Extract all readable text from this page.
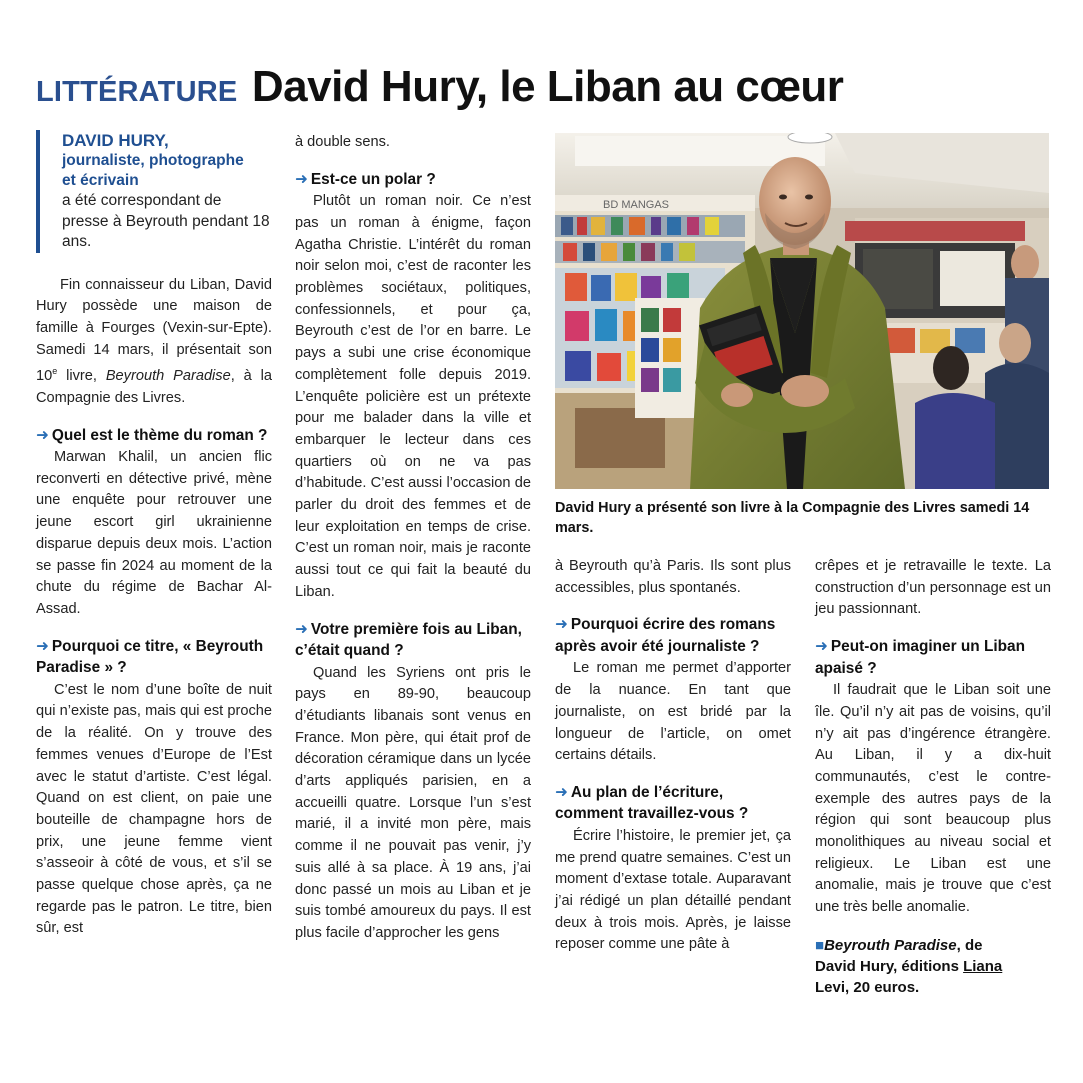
LITTÉRATURE David Hury, le Liban au cœur
DAVID HURY,
journaliste, photographe
et écrivain
a été correspondant de presse à Beyrouth pendant 18 ans.

Fin connaisseur du Liban, David Hury possède une maison de famille à Fourges (Vexin-sur-Epte). Samedi 14 mars, il présentait son 10e livre, Beyrouth Paradise, à la Compagnie des Livres.

➜ Quel est le thème du roman ?

Marwan Khalil, un ancien flic reconverti en détective privé, mène une enquête pour retrouver une jeune escort girl ukrainienne disparue depuis deux mois. L’action se passe fin 2024 au moment de la chute du régime de Bachar Al-Assad.

➜ Pourquoi ce titre, « Beyrouth Paradise » ?

C’est le nom d’une boîte de nuit qui n’existe pas, mais qui est proche de la réalité. On y trouve des femmes venues d’Europe de l’Est avec le statut d’artiste. C’est légal. Quand on est client, on paie une bouteille de champagne hors de prix, une jeune femme vient s’asseoir à côté de vous, et s’il se passe quelque chose après, ça ne regarde pas le patron. Le titre, bien sûr, est

à double sens.

➜ Est-ce un polar ?

Plutôt un roman noir. Ce n’est pas un roman à énigme, façon Agatha Christie. L’intérêt du roman noir selon moi, c’est de raconter les problèmes sociétaux, politiques, confessionnels, et pour ça, Beyrouth c’est de l’or en barre. Le pays a subi une crise économique complètement folle depuis 2019. L’enquête policière est un prétexte pour me balader dans la ville et embarquer le lecteur dans ces quartiers où on ne va pas d’habitude. C’est aussi l’occasion de parler du droit des femmes et de leur exploitation en temps de crise. C’est un roman noir, mais je raconte aussi tout ce qui fait la beauté du Liban.

➜ Votre première fois au Liban, c’était quand ?

Quand les Syriens ont pris le pays en 89-90, beaucoup d’étudiants libanais sont venus en France. Mon père, qui était prof de décoration céramique dans un lycée d’arts appliqués parisien, en a accueilli quatre. Lorsque l’un s’est marié, il a invité mon père, mais comme il ne pouvait pas venir, j’y suis allé à sa place. À 19 ans, j’ai donc passé un mois au Liban et je suis tombé amoureux du pays. Il est plus facile d’approcher les gens

BD MANGAS
David Hury a présenté son livre à la Compagnie des Livres samedi 14 mars.

à Beyrouth qu’à Paris. Ils sont plus accessibles, plus spontanés.

➜ Pourquoi écrire des romans après avoir été journaliste ?

Le roman me permet d’apporter de la nuance. En tant que journaliste, on est bridé par la longueur de l’article, on omet certains détails.

➜ Au plan de l’écriture, comment travaillez-vous ?

Écrire l’histoire, le premier jet, ça me prend quatre semaines. C’est un moment d’extase totale. Auparavant j’ai rédigé un plan détaillé pendant deux à trois mois. Après, je laisse reposer comme une pâte à

crêpes et je retravaille le texte. La construction d’un personnage est un jeu passionnant.

➜ Peut-on imaginer un Liban apaisé ?

Il faudrait que le Liban soit une île. Qu’il n’y ait pas de voisins, qu’il n’y ait pas d’ingérence étrangère. Au Liban, il y a dix-huit communautés, c’est le contre-exemple des autres pays de la région qui sont beaucoup plus monolithiques au niveau social et religieux. Le Liban est une anomalie, mais je trouve que c’est une très belle anomalie.

■Beyrouth Paradise, de
David Hury, éditions Liana
Levi, 20 euros.
